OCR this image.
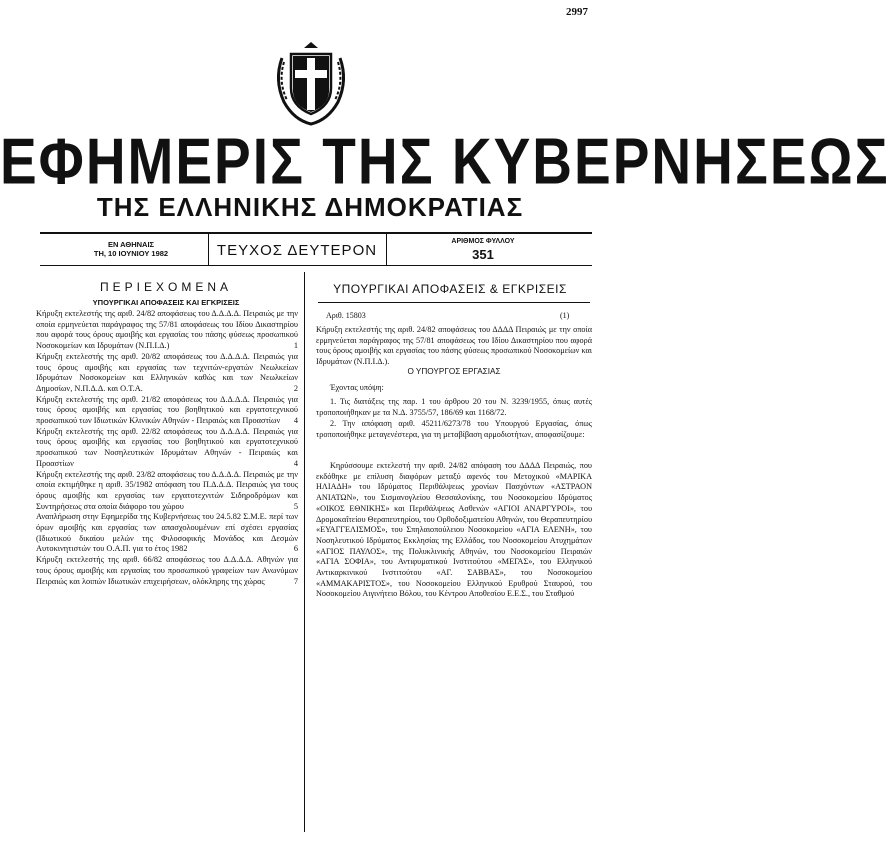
2997
ΕΦΗΜΕΡΙΣ ΤΗΣ ΚΥΒΕΡΝΗΣΕΩΣ
ΤΗΣ ΕΛΛΗΝΙΚΗΣ ΔΗΜΟΚΡΑΤΙΑΣ
ΕΝ ΑΘΗΝΑΙΣ
ΤΗ, 10 ΙΟΥΝΙΟΥ 1982	ΤΕΥΧΟΣ ΔΕΥΤΕΡΟΝ
ΑΡΙΘΜΟΣ ΦΥΛΛΟΥ
351
ΠΕΡΙΕΧΟΜΕΝΑ
ΥΠΟΥΡΓΙΚΑΙ ΑΠΟΦΑΣΕΙΣ ΚΑΙ ΕΓΚΡΙΣΕΙΣ
Κήρυξη εκτελεστής της αριθ. 24/82 αποφάσεως του Δ.Δ.Δ.Δ. Πειραιώς με την οποία ερμηνεύεται παράγραφος της 57/81 αποφάσεως του Ιδίου Δικαστηρίου που αφορά τους όρους αμοιβής και εργασίας του πάσης φύσεως προσωπικού Νοσοκομείων και Ιδρυμάτων (Ν.Π.Ι.Δ.)	1
Κήρυξη εκτελεστής της αριθ. 20/82 αποφάσεως του Δ.Δ.Δ.Δ. Πειραιώς για τους όρους αμοιβής και εργασίας των τεχνιτών-εργατών Νεωλκείων Ιδρυμάτων Νοσοκομείων και Ελληνικών καθώς και των Νεωλκείων Δημοσίων, Ν.Π.Δ.Δ. και Ο.Τ.Α.	2
Κήρυξη εκτελεστής της αριθ. 21/82 αποφάσεως του Δ.Δ.Δ.Δ. Πειραιώς για τους όρους αμοιβής και εργασίας του βοηθητικού και εργατοτεχνικού προσωπικού των Ιδιωτικών Κλινικών Αθηνών - Πειραιώς και Προαστίων 4
Κήρυξη εκτελεστής της αριθ. 22/82 αποφάσεως του Δ.Δ.Δ.Δ. Πειραιώς για τους όρους αμοιβής και εργασίας του βοηθητικού και εργατοτεχνικού προσωπικού των Νοσηλευτικών Ιδρυμάτων Αθηνών - Πειραιώς και Προαστίων	4
Κήρυξη εκτελεστής της αριθ. 23/82 αποφάσεως του Δ.Δ.Δ.Δ. Πειραιώς με την οποία εκτιμήθηκε η αριθ. 35/1982 απόφαση του Π.Δ.Δ.Δ. Πειραιώς για τους όρους αμοιβής και εργασίας των εργατοτεχνιτών Σιδηροδρόμων και Συντηρήσεως στα οποία διάφορο του χώρου	5
Αναπλήρωση στην Εφημερίδα της Κυβερνήσεως του 24.5.82 Σ.Μ.Ε. περί των όρων αμοιβής και εργασίας των απασχολουμένων επί σχέσει εργασίας (Ιδιωτικού δικαίου μελών της Φιλοσοφικής Μονάδος και Δεσμών Αυτοκινητιστών του Ο.Α.Π. για το έτος 1982	6
Κήρυξη εκτελεστής της αριθ. 66/82 αποφάσεως του Δ.Δ.Δ.Δ. Αθηνών για τους όρους αμοιβής και εργασίας του προσωπικού γραφείων των Ανωνύμων Πειραιώς και λοιπών Ιδιωτικών επιχειρήσεων, ολόκληρης της χώρας	7
ΥΠΟΥΡΓΙΚΑΙ ΑΠΟΦΑΣΕΙΣ & ΕΓΚΡΙΣΕΙΣ
Αριθ. 15803	(1)

Κήρυξη εκτελεστής της αριθ. 24/82 αποφάσεως του ΔΔΔΔ Πειραιώς με την οποία ερμηνεύεται παράγραφος της 57/81 αποφάσεως του Ιδίου Δικαστηρίου που αφορά τους όρους αμοιβής και εργασίας του πάσης φύσεως προσωπικού Νοσοκομείων και Ιδρυμάτων (Ν.Π.Ι.Δ.).

Ο ΥΠΟΥΡΓΟΣ ΕΡΓΑΣΙΑΣ
Έχοντας υπόψη:

1. Τις διατάξεις της παρ. 1 του άρθρου 20 του Ν. 3239/1955, όπως αυτές τροποποιήθηκαν με τα Ν.Δ. 3755/57, 186/69 και 1168/72.

2. Την απόφαση αριθ. 45211/6273/78 του Υπουργού Εργασίας, όπως τροποποιήθηκε μεταγενέστερα, για τη μεταβίβαση αρμοδιοτήτων, αποφασίζουμε:

Κηρύσσουμε εκτελεστή την αριθ. 24/82 απόφαση του ΔΔΔΔ Πειραιώς, που εκδόθηκε με επίλυση διαφόρων μεταξύ αφενός του Μετοχικού «ΜΑΡΙΚΑ ΗΛΙΑΔΗ» του Ιδρύματος Περιθάλψεως χρονίων Πασχόντων «ΑΣΤΡΑΟΝ ΑΝΙΑΤΩΝ», του Σισμανογλείου Θεσσαλονίκης, του Νοσοκομείου Ιδρύματος «ΟΙΚΟΣ ΕΘΝΙΚΗΣ» και Περιθάλψεως Ασθενών «ΑΓΙΟΙ ΑΝΑΡΓΥΡΟΙ», του Δρομοκαΐτείου Θεραπευτηρίου, του Ορθοδοξιματείου Αθηνών, του Θεραπευτηρίου «ΕΥΑΓΓΕΛΙΣΜΟΣ», του Σπηλαιοπούλειου Νοσοκομείου «ΑΓΙΑ ΕΛΕΝΗ», του Νοσηλευτικού Ιδρύματος Εκκλησίας της Ελλάδος, του Νοσοκομείου Ατυχημάτων «ΑΓΙΟΣ ΠΑΥΛΟΣ», της Πολυκλινικής Αθηνών, του Νοσοκομείου Πειραιών «ΑΓΙΑ ΣΟΦΙΑ», του Αντιφυματικού Ινστιτούτου «ΜΕΓΑΣ», του Ελληνικού Αντικαρκινικού Ινστιτούτου «ΑΓ. ΣΑΒΒΑΣ», του Νοσοκομείου «ΑΜΜΑΚΑΡΙΣΤΟΣ», του Νοσοκομείου Ελληνικού Ερυθρού Σταυρού, του Νοσοκομείου Αιγινήτειο Βόλου, του Κέντρου Αποθεσίου Ε.Ε.Σ., του Σταθμού
